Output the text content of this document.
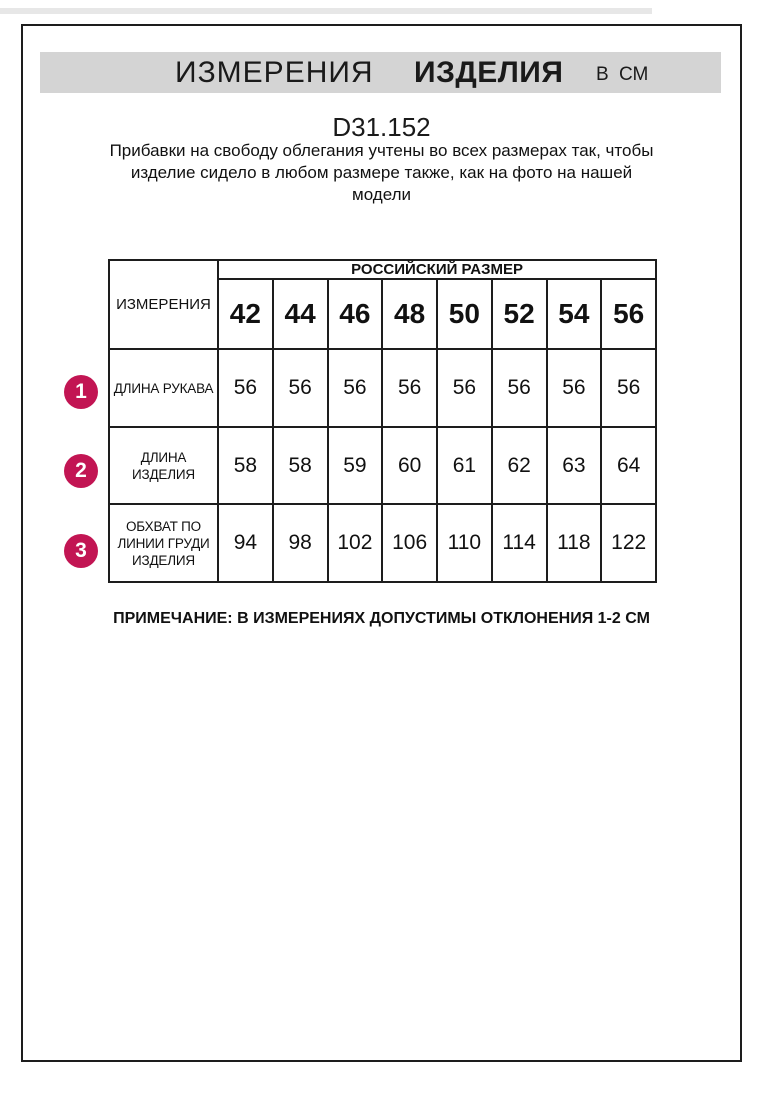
ИЗМЕРЕНИЯ ИЗДЕЛИЯ В СМ
D31.152

Прибавки на свободу облегания учтены во всех размерах так, чтобы изделие сидело в любом размере также, как на фото на нашей модели

ИЗМЕРЕНИЯ	РОССИЙСКИЙ РАЗМЕР							
	42	44	46	48	50	52	54	56
ДЛИНА РУКАВА	56	56	56	56	56	56	56	56
ДЛИНА ИЗДЕЛИЯ	58	58	59	60	61	62	63	64
ОБХВАТ ПО ЛИНИИ ГРУДИ ИЗДЕЛИЯ	94	98	102	106	110	114	118	122
1
2
3
ПРИМЕЧАНИЕ: В ИЗМЕРЕНИЯХ ДОПУСТИМЫ ОТКЛОНЕНИЯ 1-2 СМ
